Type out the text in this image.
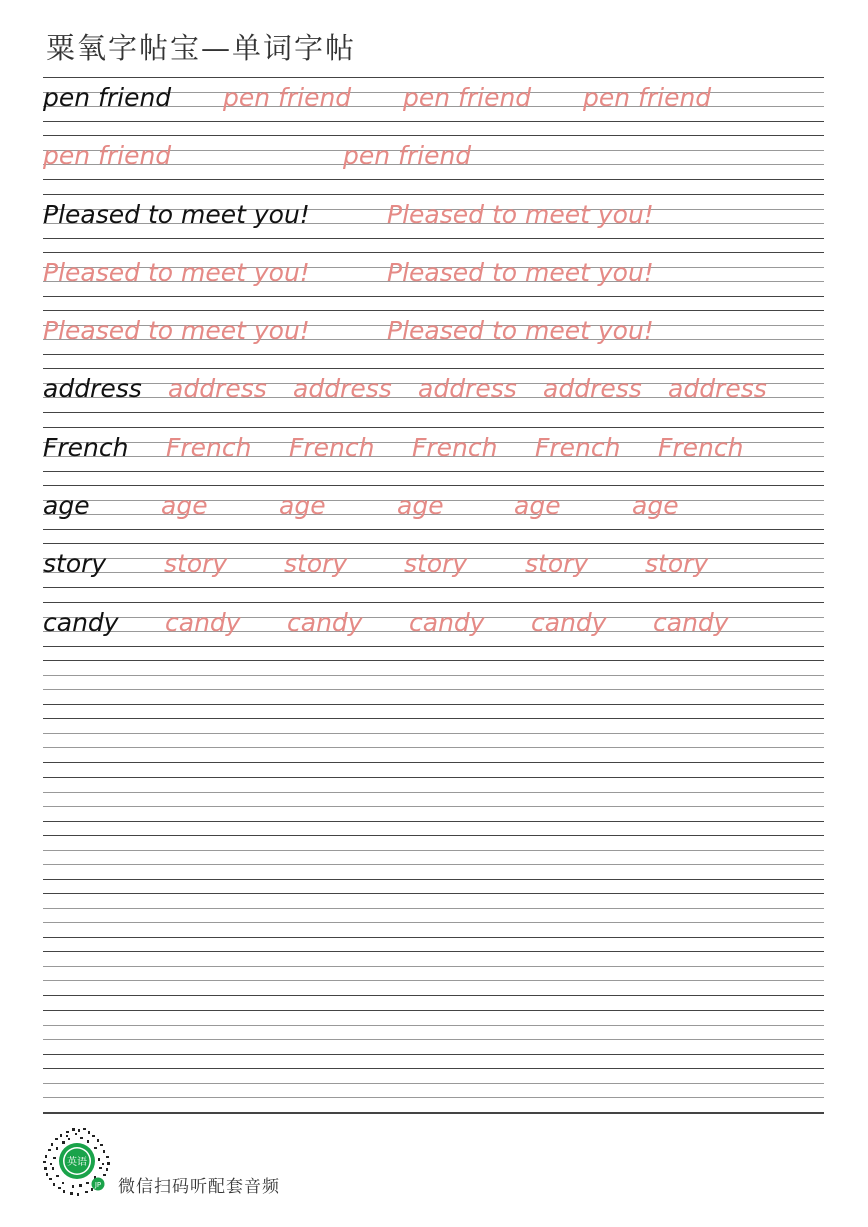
粟氧字帖宝—单词字帖
pen friend pen friend pen friend pen friend
pen friend	pen friend
Pleased to meet you!	Pleased to meet you!
Pleased to meet you!	Pleased to meet you!
Pleased to meet you!	Pleased to meet you!
address address address address address address
French French French French French French
age	age	age	age	age	age
story story story story story story
candy candy candy candy candy candy
英语
JP 微信扫码听配套音频
